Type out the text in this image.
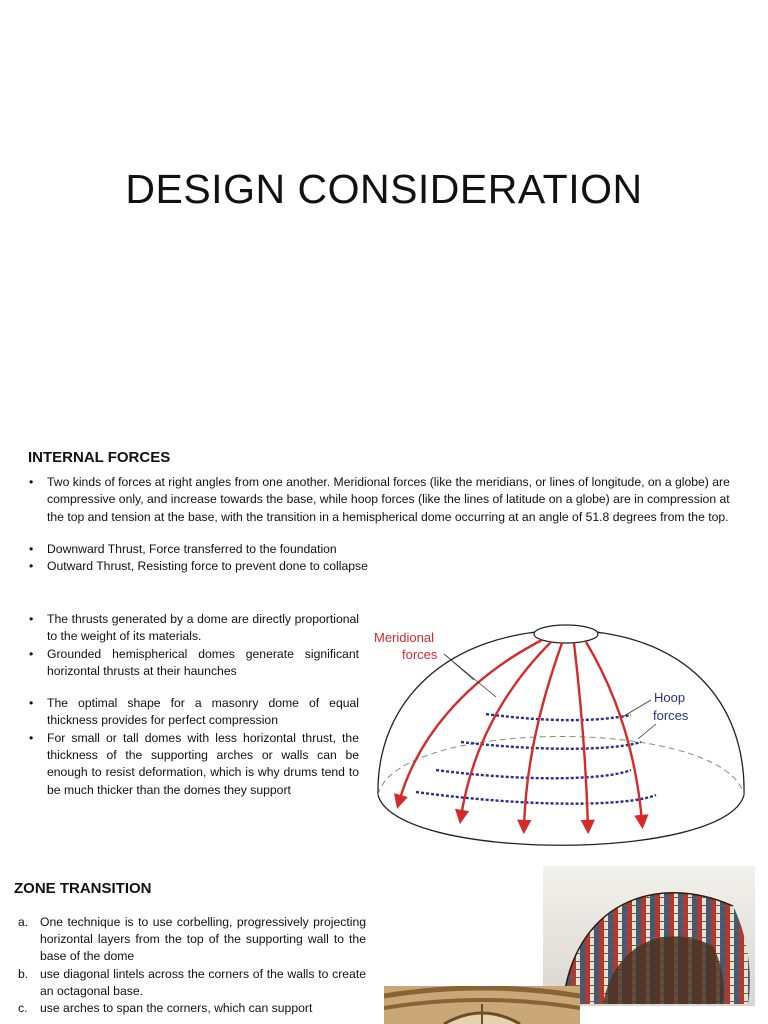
DESIGN CONSIDERATION
INTERNAL FORCES
• Two kinds of forces at right angles from one another. Meridional forces (like the meridians, or lines of longitude, on a globe) are compressive only, and increase towards the base, while hoop forces (like the lines of latitude on a globe) are in compression at the top and tension at the base, with the transition in a hemispherical dome occurring at an angle of 51.8 degrees from the top.
• Downward Thrust, Force transferred to the foundation
• Outward Thrust, Resisting force to prevent done to collapse
• The thrusts generated by a dome are directly proportional to the weight of its materials.
• Grounded hemispherical domes generate significant horizontal thrusts at their haunches
• The optimal shape for a masonry dome of equal thickness provides for perfect compression
• For small or tall domes with less horizontal thrust, the thickness of the supporting arches or walls can be enough to resist deformation, which is why drums tend to be much thicker than the domes they support
Meridional
forces
Hoop
forces
ZONE TRANSITION
a. One technique is to use corbelling, progressively projecting horizontal layers from the top of the supporting wall to the base of the dome
b. use diagonal lintels across the corners of the walls to create an octagonal base.
c. use arches to span the corners, which can support
